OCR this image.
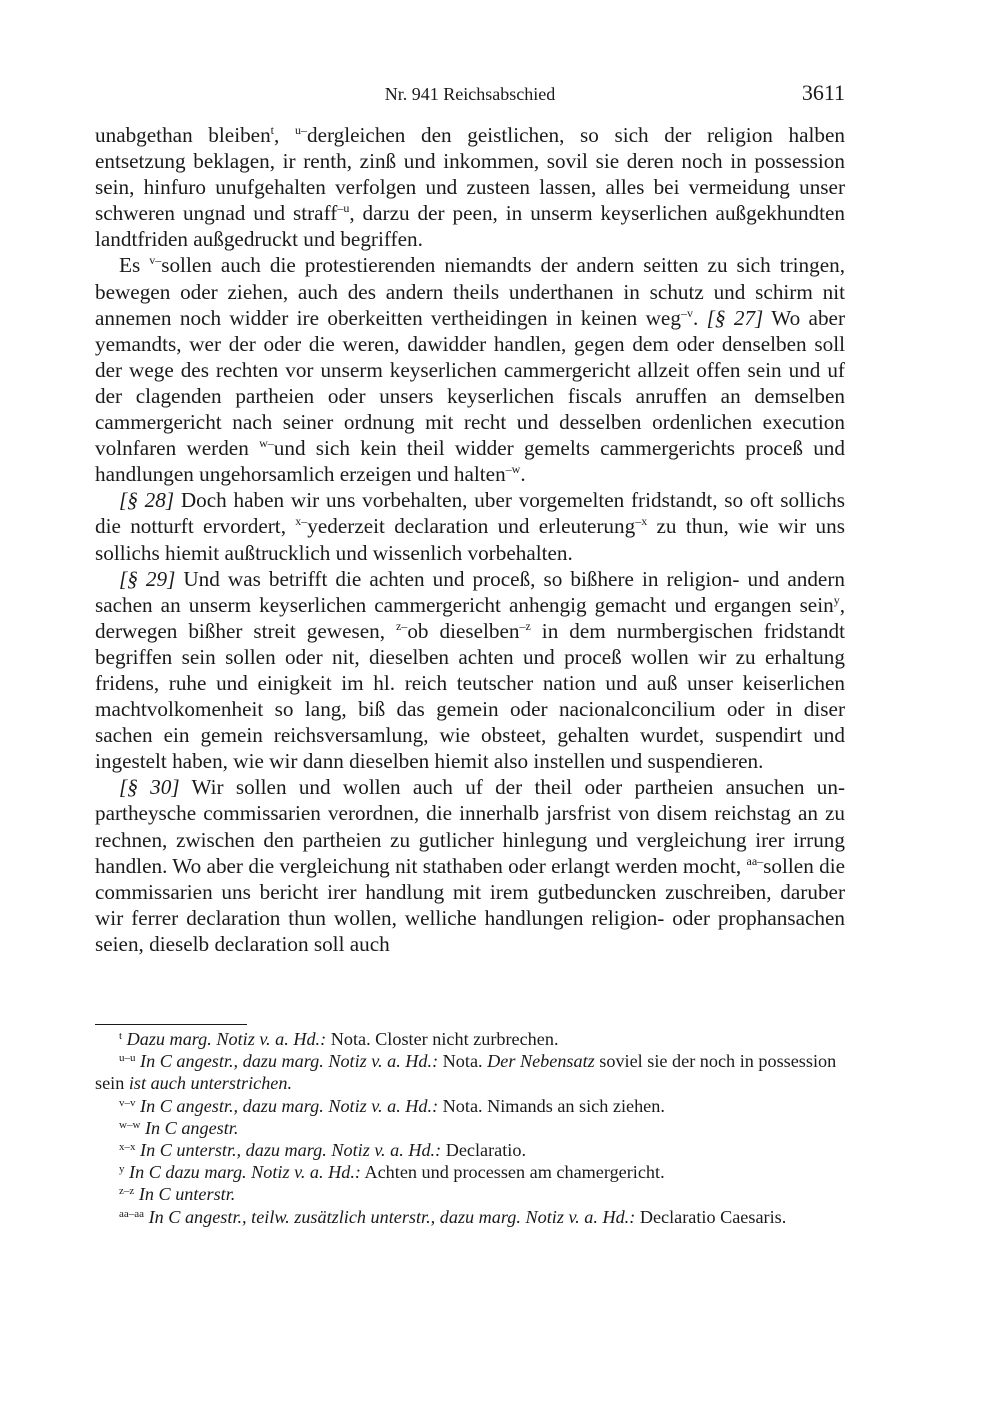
Nr. 941 Reichsabschied	3611

unabgethan bleiben$^t$, $^{u-}$dergleichen den geistlichen, so sich der religion halben entsetzung beklagen, ir renth, zinß und inkommen, sovil sie deren noch in possession sein, hinfuro unufgehalten verfolgen und zusteen lassen, alles bei vermeidung unser schweren ungnad und straff$^{-u}$, darzu der peen, in unserm keyserlichen außgekhundten landtfriden außgedruckt und begriffen.

Es $^{v-}$sollen auch die protestierenden niemandts der andern seitten zu sich tringen, bewegen oder ziehen, auch des andern theils underthanen in schutz und schirm nit annemen noch widder ire oberkeitten vertheidingen in keinen weg$^{-v}$. [§ 27] Wo aber yemandts, wer der oder die weren, dawidder handlen, gegen dem oder denselben soll der wege des rechten vor unserm keyserlichen cammergericht allzeit offen sein und uf der clagenden partheien oder unsers keyserlichen fiscals anruffen an demselben cammergericht nach seiner ordnung mit recht und desselben ordenlichen execution volnfaren werden $^{w-}$und sich kein theil widder gemelts cammergerichts proceß und handlungen ungehorsamlich erzeigen und halten$^{-w}$.

[§ 28] Doch haben wir uns vorbehalten, uber vorgemelten fridstandt, so oft sollichs die notturft ervordert, $^{x-}$yederzeit declaration und erleuterung$^{-x}$ zu thun, wie wir uns sollichs hiemit außtrucklich und wissenlich vorbehalten.

[§ 29] Und was betrifft die achten und proceß, so bißhere in religion- und andern sachen an unserm keyserlichen cammergericht anhengig gemacht und ergangen sein$^y$, derwegen bißher streit gewesen, $^{z-}$ob dieselben$^{-z}$ in dem nurmbergischen fridstandt begriffen sein sollen oder nit, dieselben achten und proceß wollen wir zu erhaltung fridens, ruhe und einigkeit im hl. reich teutscher nation und auß unser keiserlichen machtvolkomenheit so lang, biß das gemein oder nacionalconcilium oder in diser sachen ein gemein reichsversamlung, wie obsteet, gehalten wurdet, suspendirt und ingestelt haben, wie wir dann dieselben hiemit also instellen und suspendieren.

[§ 30] Wir sollen und wollen auch uf der theil oder partheien ansuchen unpartheysche commissarien verordnen, die innerhalb jarsfrist von disem reichstag an zu rechnen, zwischen den partheien zu gutlicher hinlegung und vergleichung irer irrung handlen. Wo aber die vergleichung nit stathaben oder erlangt werden mocht, $^{aa-}$sollen die commissarien uns bericht irer handlung mit irem gutbeduncken zuschreiben, daruber wir ferrer declaration thun wollen, welliche handlungen religion- oder prophansachen seien, dieselb declaration soll auch

$^t$ Dazu marg. Notiz v. a. Hd.: Nota. Closter nicht zurbrechen.

$^{u-u}$ In C angestr., dazu marg. Notiz v. a. Hd.: Nota. Der Nebensatz soviel sie der noch in possession sein ist auch unterstrichen.

$^{v-v}$ In C angestr., dazu marg. Notiz v. a. Hd.: Nota. Nimands an sich ziehen.

$^{w-w}$ In C angestr.

$^{x-x}$ In C unterstr., dazu marg. Notiz v. a. Hd.: Declaratio.

$^y$ In C dazu marg. Notiz v. a. Hd.: Achten und processen am chamergericht.

$^{z-z}$ In C unterstr.

$^{aa-aa}$ In C angestr., teilw. zusätzlich unterstr., dazu marg. Notiz v. a. Hd.: Declaratio Caesaris.
